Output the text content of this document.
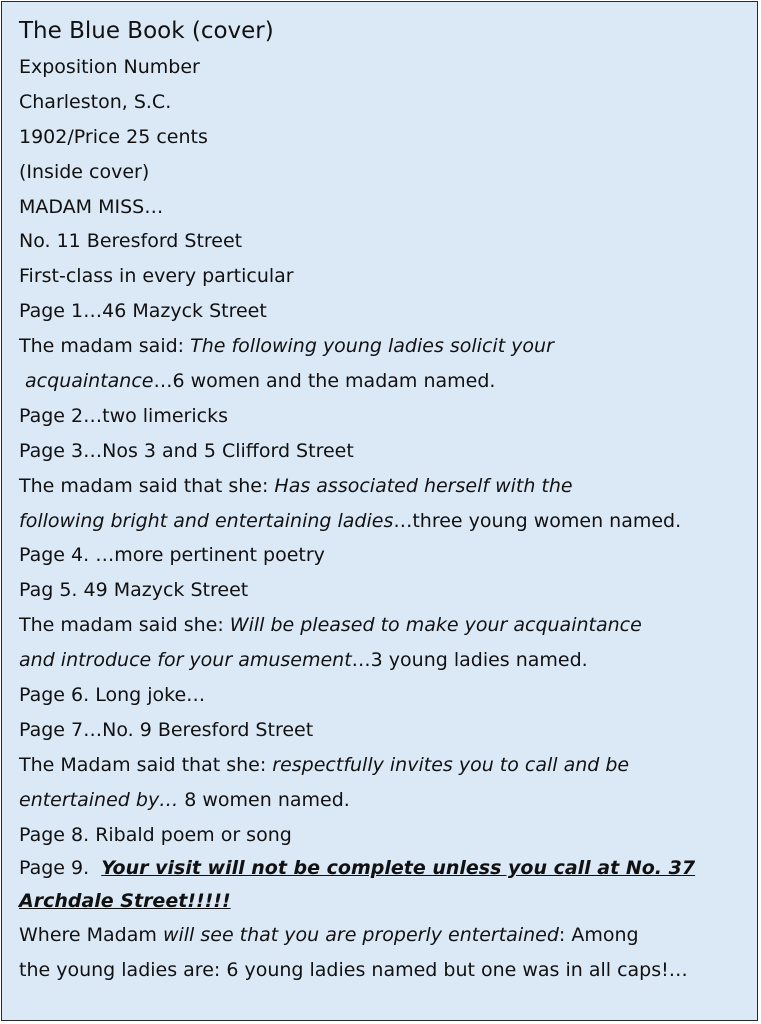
The Blue Book (cover)
Exposition Number
Charleston, S.C.
1902/Price 25 cents
(Inside cover)
MADAM MISS…
No. 11 Beresford Street
First-class in every particular
Page 1…46 Mazyck Street
The madam said: The following young ladies solicit your
acquaintance…6 women and the madam named.
Page 2…two limericks
Page 3…Nos 3 and 5 Clifford Street
The madam said that she: Has associated herself with the
following bright and entertaining ladies…three young women named.
Page 4. …more pertinent poetry
Pag 5. 49 Mazyck Street
The madam said she: Will be pleased to make your acquaintance
and introduce for your amusement…3 young ladies named.
Page 6. Long joke…
Page 7…No. 9 Beresford Street
The Madam said that she: respectfully invites you to call and be
entertained by… 8 women named.
Page 8. Ribald poem or song
Page 9.  Your visit will not be complete unless you call at No. 37
Archdale Street!!!!!
Where Madam will see that you are properly entertained: Among
the young ladies are: 6 young ladies named but one was in all caps!…
